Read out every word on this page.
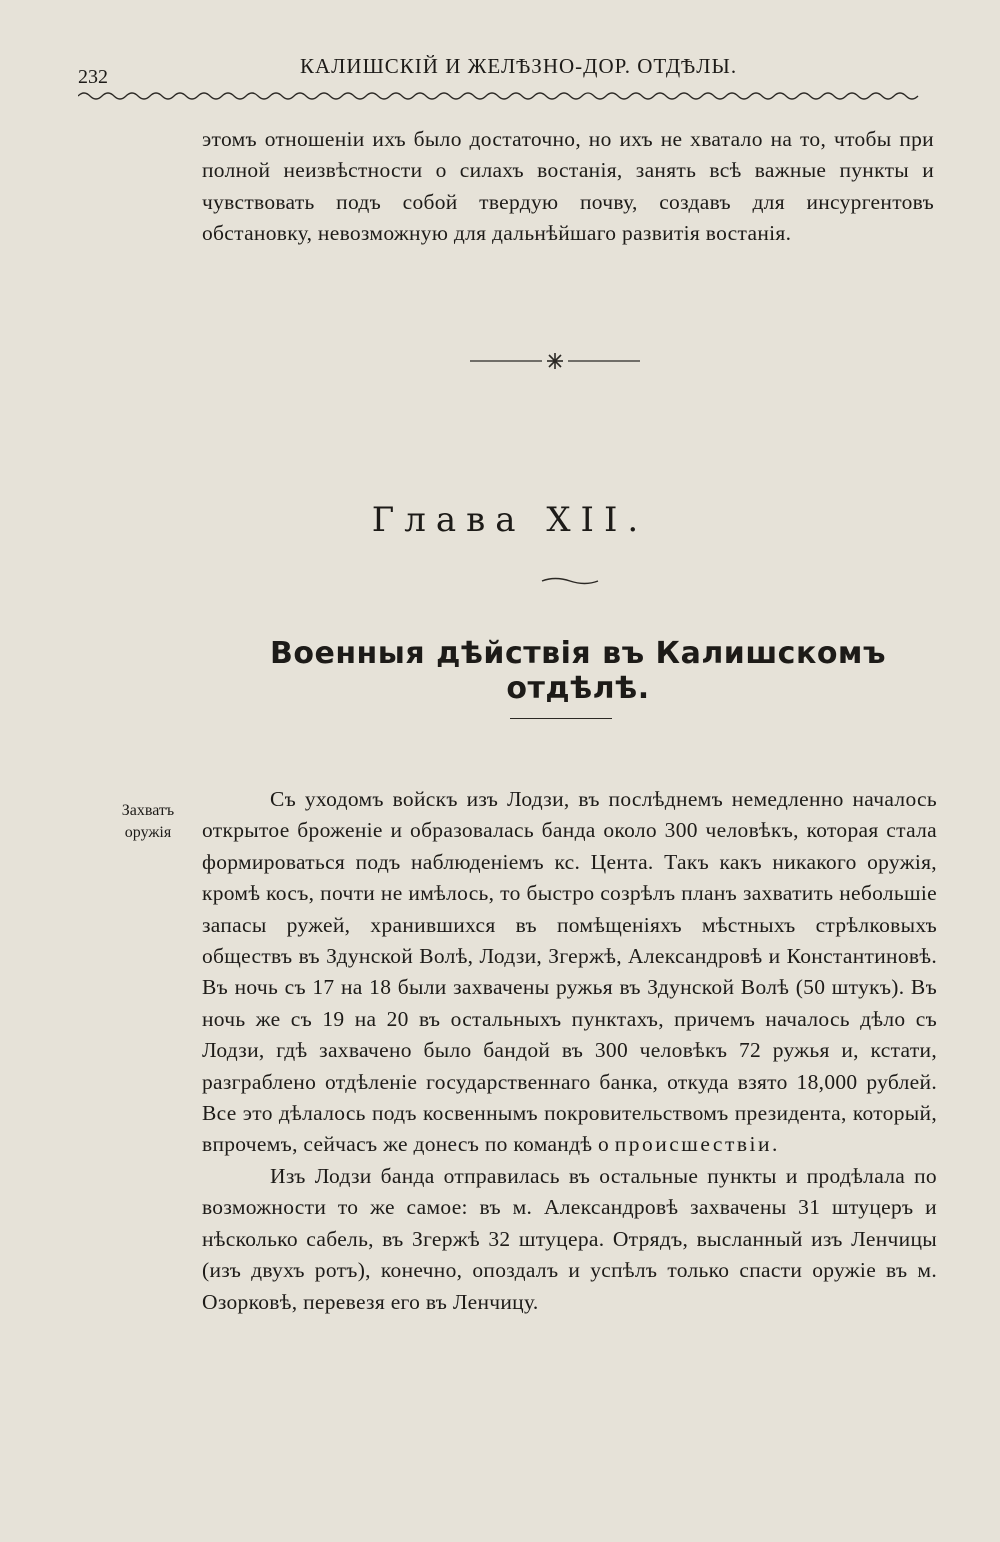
232	КАЛИШСКІЙ И ЖЕЛѢЗНО-ДОР. ОТДѢЛЫ.

этомъ отношеніи ихъ было достаточно, но ихъ не хватало на то, чтобы при полной неизвѣстности о силахъ востанія, занять всѣ важные пункты и чувствовать подъ собой твердую почву, создавъ для инсургентовъ обстановку, невозможную для дальнѣйшаго развитія востанія.

Глава XII.
Военныя дѣйствія въ Калишскомъ отдѣлѣ.
Захватъ
оружія

Съ уходомъ войскъ изъ Лодзи, въ послѣднемъ немедленно началось открытое броженіе и образовалась банда около 300 человѣкъ, которая стала формироваться подъ наблюденіемъ кс. Цента. Такъ какъ никакого оружія, кромѣ косъ, почти не имѣлось, то быстро созрѣлъ планъ захватить небольшіе запасы ружей, хранившихся въ помѣщеніяхъ мѣстныхъ стрѣлковыхъ обществъ въ Здунской Волѣ, Лодзи, Згержѣ, Александровѣ и Константиновѣ. Въ ночь съ 17 на 18 были захвачены ружья въ Здунской Волѣ (50 штукъ). Въ ночь же съ 19 на 20 въ остальныхъ пунктахъ, причемъ началось дѣло съ Лодзи, гдѣ захвачено было бандой въ 300 человѣкъ 72 ружья и, кстати, разграблено отдѣленіе государственнаго банка, откуда взято 18,000 рублей. Все это дѣлалось подъ косвеннымъ покровительствомъ президента, который, впрочемъ, сейчасъ же донесъ по командѣ о происшествіи.

Изъ Лодзи банда отправилась въ остальные пункты и продѣлала по возможности то же самое: въ м. Александровѣ захвачены 31 штуцеръ и нѣсколько сабель, въ Згержѣ 32 штуцера. Отрядъ, высланный изъ Ленчицы (изъ двухъ ротъ), конечно, опоздалъ и успѣлъ только спасти оружіе въ м. Озорковѣ, перевезя его въ Ленчицу.
